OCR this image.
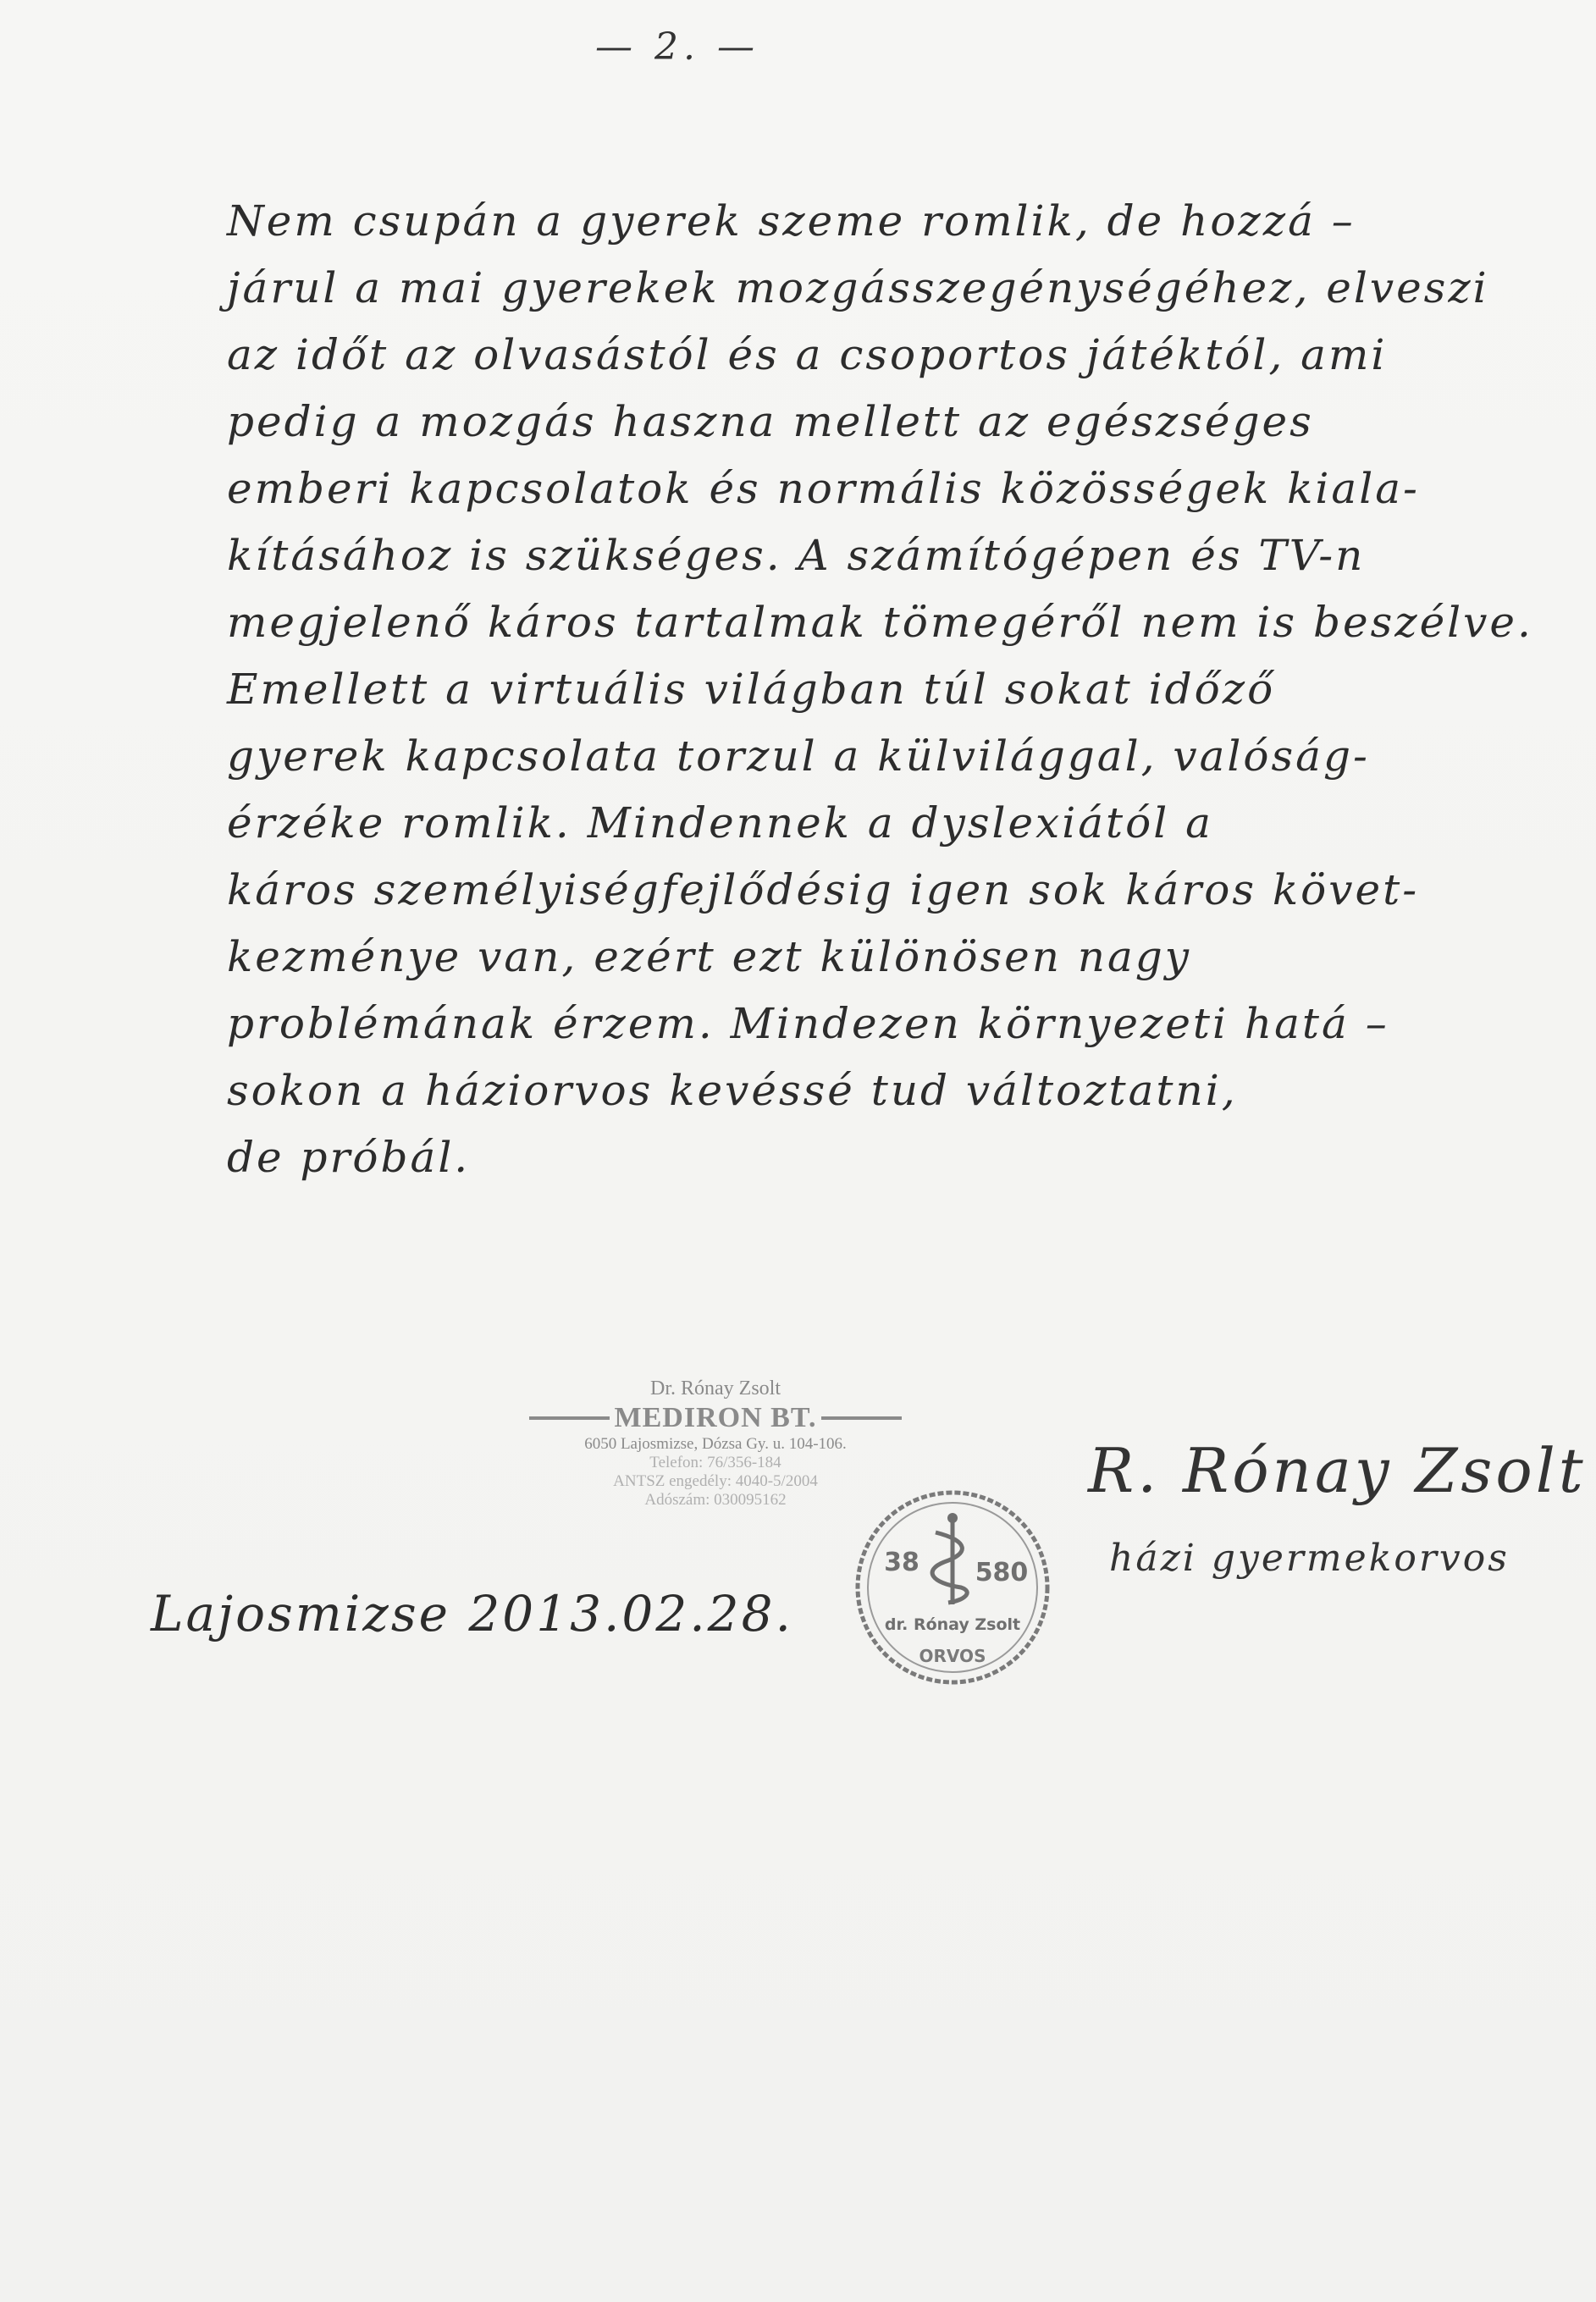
— 2. —
Nem csupán a gyerek szeme romlik, de hozzá –
járul a mai gyerekek mozgásszegénységéhez, elveszi
az időt az olvasástól és a csoportos játéktól, ami
pedig a mozgás haszna mellett az egészséges
emberi kapcsolatok és normális közösségek kiala-
kításához is szükséges. A számítógépen és TV-n
megjelenő káros tartalmak tömegéről nem is beszélve.
Emellett a virtuális világban túl sokat időző
gyerek kapcsolata torzul a külvilággal, valóság-
érzéke romlik. Mindennek a dyslexiától a
káros személyiségfejlődésig igen sok káros követ-
kezménye van, ezért ezt különösen nagy
problémának érzem. Mindezen környezeti hatá –
sokon a háziorvos kevéssé tud változtatni,
de próbál.
Dr. Rónay Zsolt
MEDIRON BT.
6050 Lajosmizse, Dózsa Gy. u. 104-106.
Telefon: 76/356-184
ANTSZ engedély: 4040-5/2004
Adószám: 030095162
38 580
dr. Rónay Zsolt
ORVOS
R. Rónay Zsolt
házi gyermekorvos
Lajosmizse 2013.02.28.
